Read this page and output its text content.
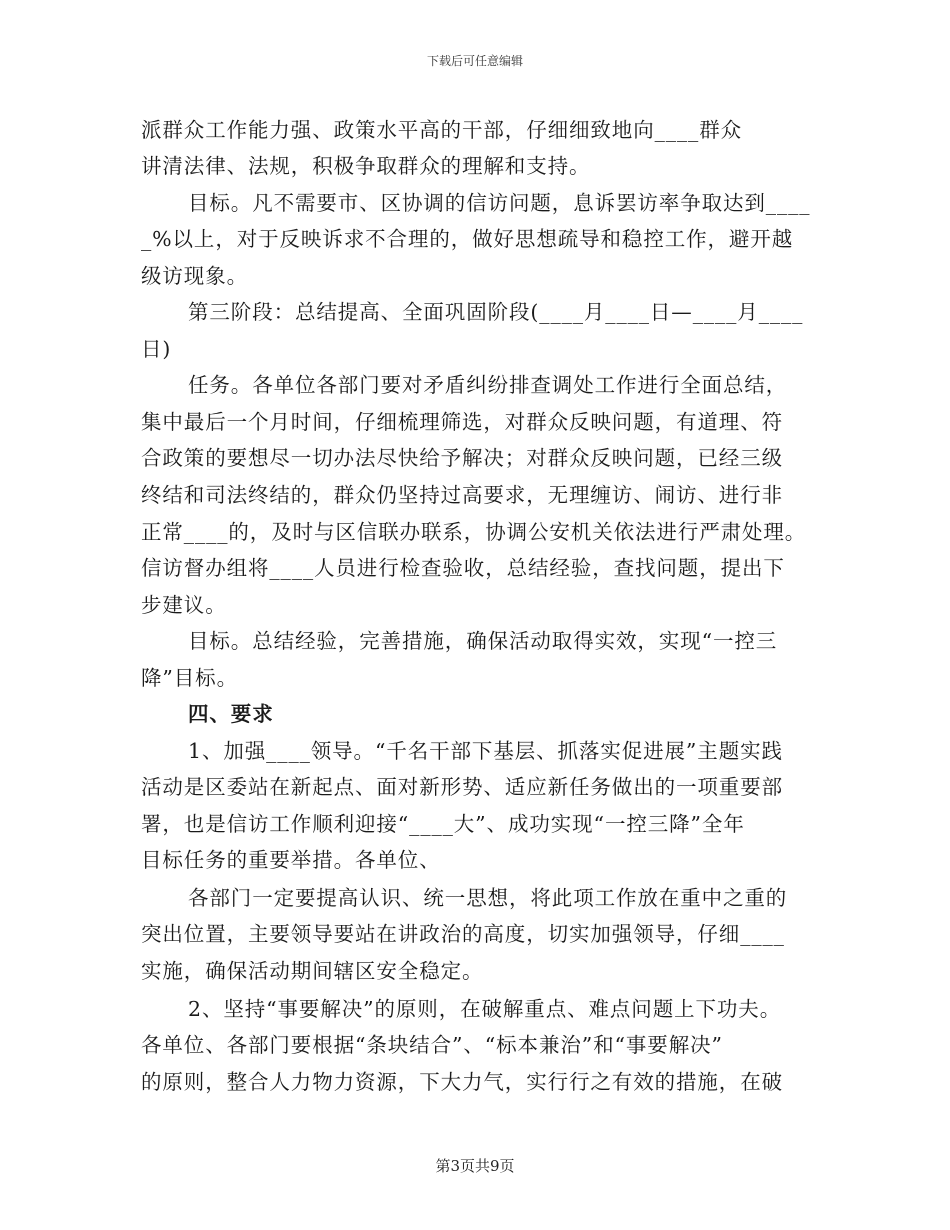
下载后可任意编辑
派群众工作能力强、政策水平高的干部，仔细细致地向____群众
讲清法律、法规，积极争取群众的理解和支持。
目标。凡不需要市、区协调的信访问题，息诉罢访率争取达到____
_%以上，对于反映诉求不合理的，做好思想疏导和稳控工作，避开越
级访现象。
第三阶段：总结提高、全面巩固阶段(____月____日—____月____
日)
任务。各单位各部门要对矛盾纠纷排查调处工作进行全面总结，
集中最后一个月时间，仔细梳理筛选，对群众反映问题，有道理、符
合政策的要想尽一切办法尽快给予解决；对群众反映问题，已经三级
终结和司法终结的，群众仍坚持过高要求，无理缠访、闹访、进行非
正常____的，及时与区信联办联系，协调公安机关依法进行严肃处理。
信访督办组将____人员进行检查验收，总结经验，查找问题，提出下
步建议。
目标。总结经验，完善措施，确保活动取得实效，实现“一控三
降”目标。
四、要求
1、加强____领导。“千名干部下基层、抓落实促进展”主题实践
活动是区委站在新起点、面对新形势、适应新任务做出的一项重要部
署，也是信访工作顺利迎接“____大”、成功实现“一控三降”全年
目标任务的重要举措。各单位、
各部门一定要提高认识、统一思想，将此项工作放在重中之重的
突出位置，主要领导要站在讲政治的高度，切实加强领导，仔细____
实施，确保活动期间辖区安全稳定。
2、坚持“事要解决”的原则，在破解重点、难点问题上下功夫。
各单位、各部门要根据“条块结合”、“标本兼治”和“事要解决”
的原则，整合人力物力资源，下大力气，实行行之有效的措施，在破
第3页共9页
